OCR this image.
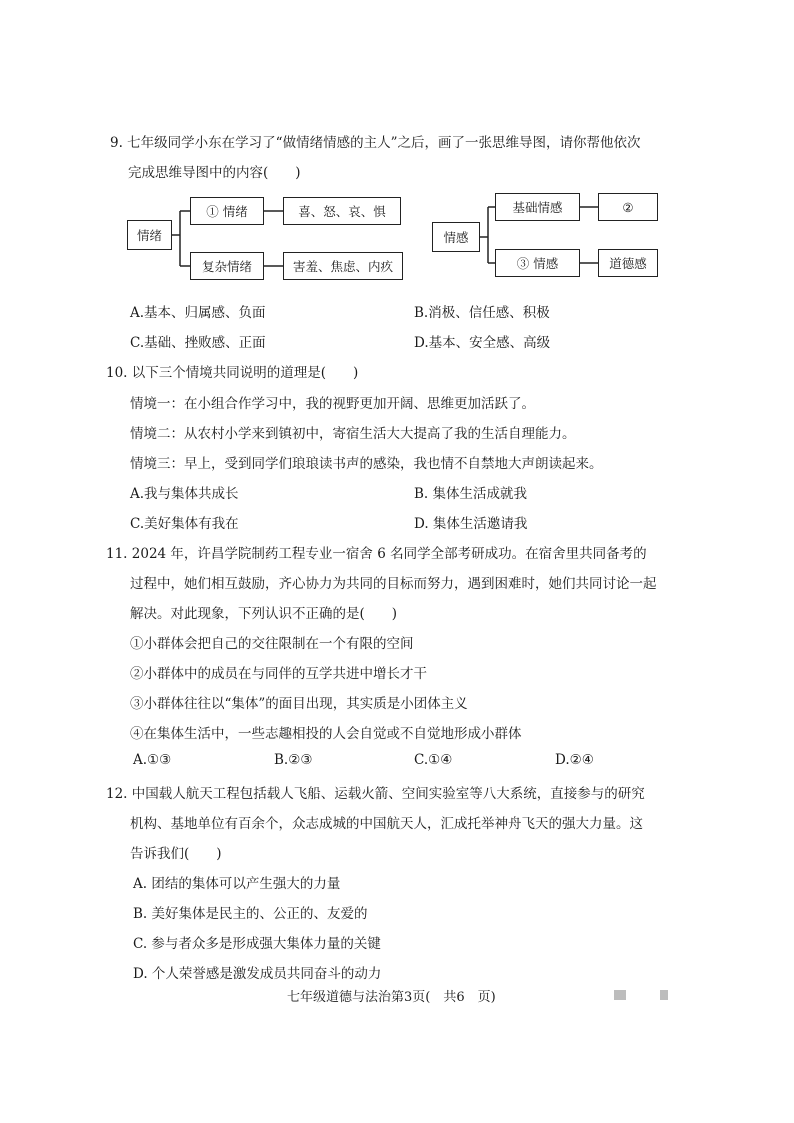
9. 七年级同学小东在学习了“做情绪情感的主人”之后，画了一张思维导图，请你帮他依次
完成思维导图中的内容(　　)
情绪
① 情绪	喜、怒、哀、惧
复杂情绪	害羞、焦虑、内疚
情感
基础情感	②
③ 情感	道德感
A.基本、归属感、负面	B.消极、信任感、积极
C.基础、挫败感、正面	D.基本、安全感、高级
10. 以下三个情境共同说明的道理是(　　)
情境一：在小组合作学习中，我的视野更加开阔、思维更加活跃了。
情境二：从农村小学来到镇初中，寄宿生活大大提高了我的生活自理能力。
情境三：早上，受到同学们琅琅读书声的感染，我也情不自禁地大声朗读起来。
A.我与集体共成长	B. 集体生活成就我
C.美好集体有我在	D. 集体生活邀请我
11. 2024 年，许昌学院制药工程专业一宿舍 6 名同学全部考研成功。在宿舍里共同备考的
过程中，她们相互鼓励，齐心协力为共同的目标而努力，遇到困难时，她们共同讨论一起
解决。对此现象，下列认识不正确的是(　　)
①小群体会把自己的交往限制在一个有限的空间
②小群体中的成员在与同伴的互学共进中增长才干
③小群体往往以“集体”的面目出现，其实质是小团体主义
④在集体生活中，一些志趣相投的人会自觉或不自觉地形成小群体
A.①③	B.②③	C.①④	D.②④
12. 中国载人航天工程包括载人飞船、运载火箭、空间实验室等八大系统，直接参与的研究
机构、基地单位有百余个，众志成城的中国航天人，汇成托举神舟飞天的强大力量。这
告诉我们(　　)
A. 团结的集体可以产生强大的力量
B. 美好集体是民主的、公正的、友爱的
C. 参与者众多是形成强大集体力量的关键
D. 个人荣誉感是激发成员共同奋斗的动力
七年级道德与法治第3页(　共6　页)
